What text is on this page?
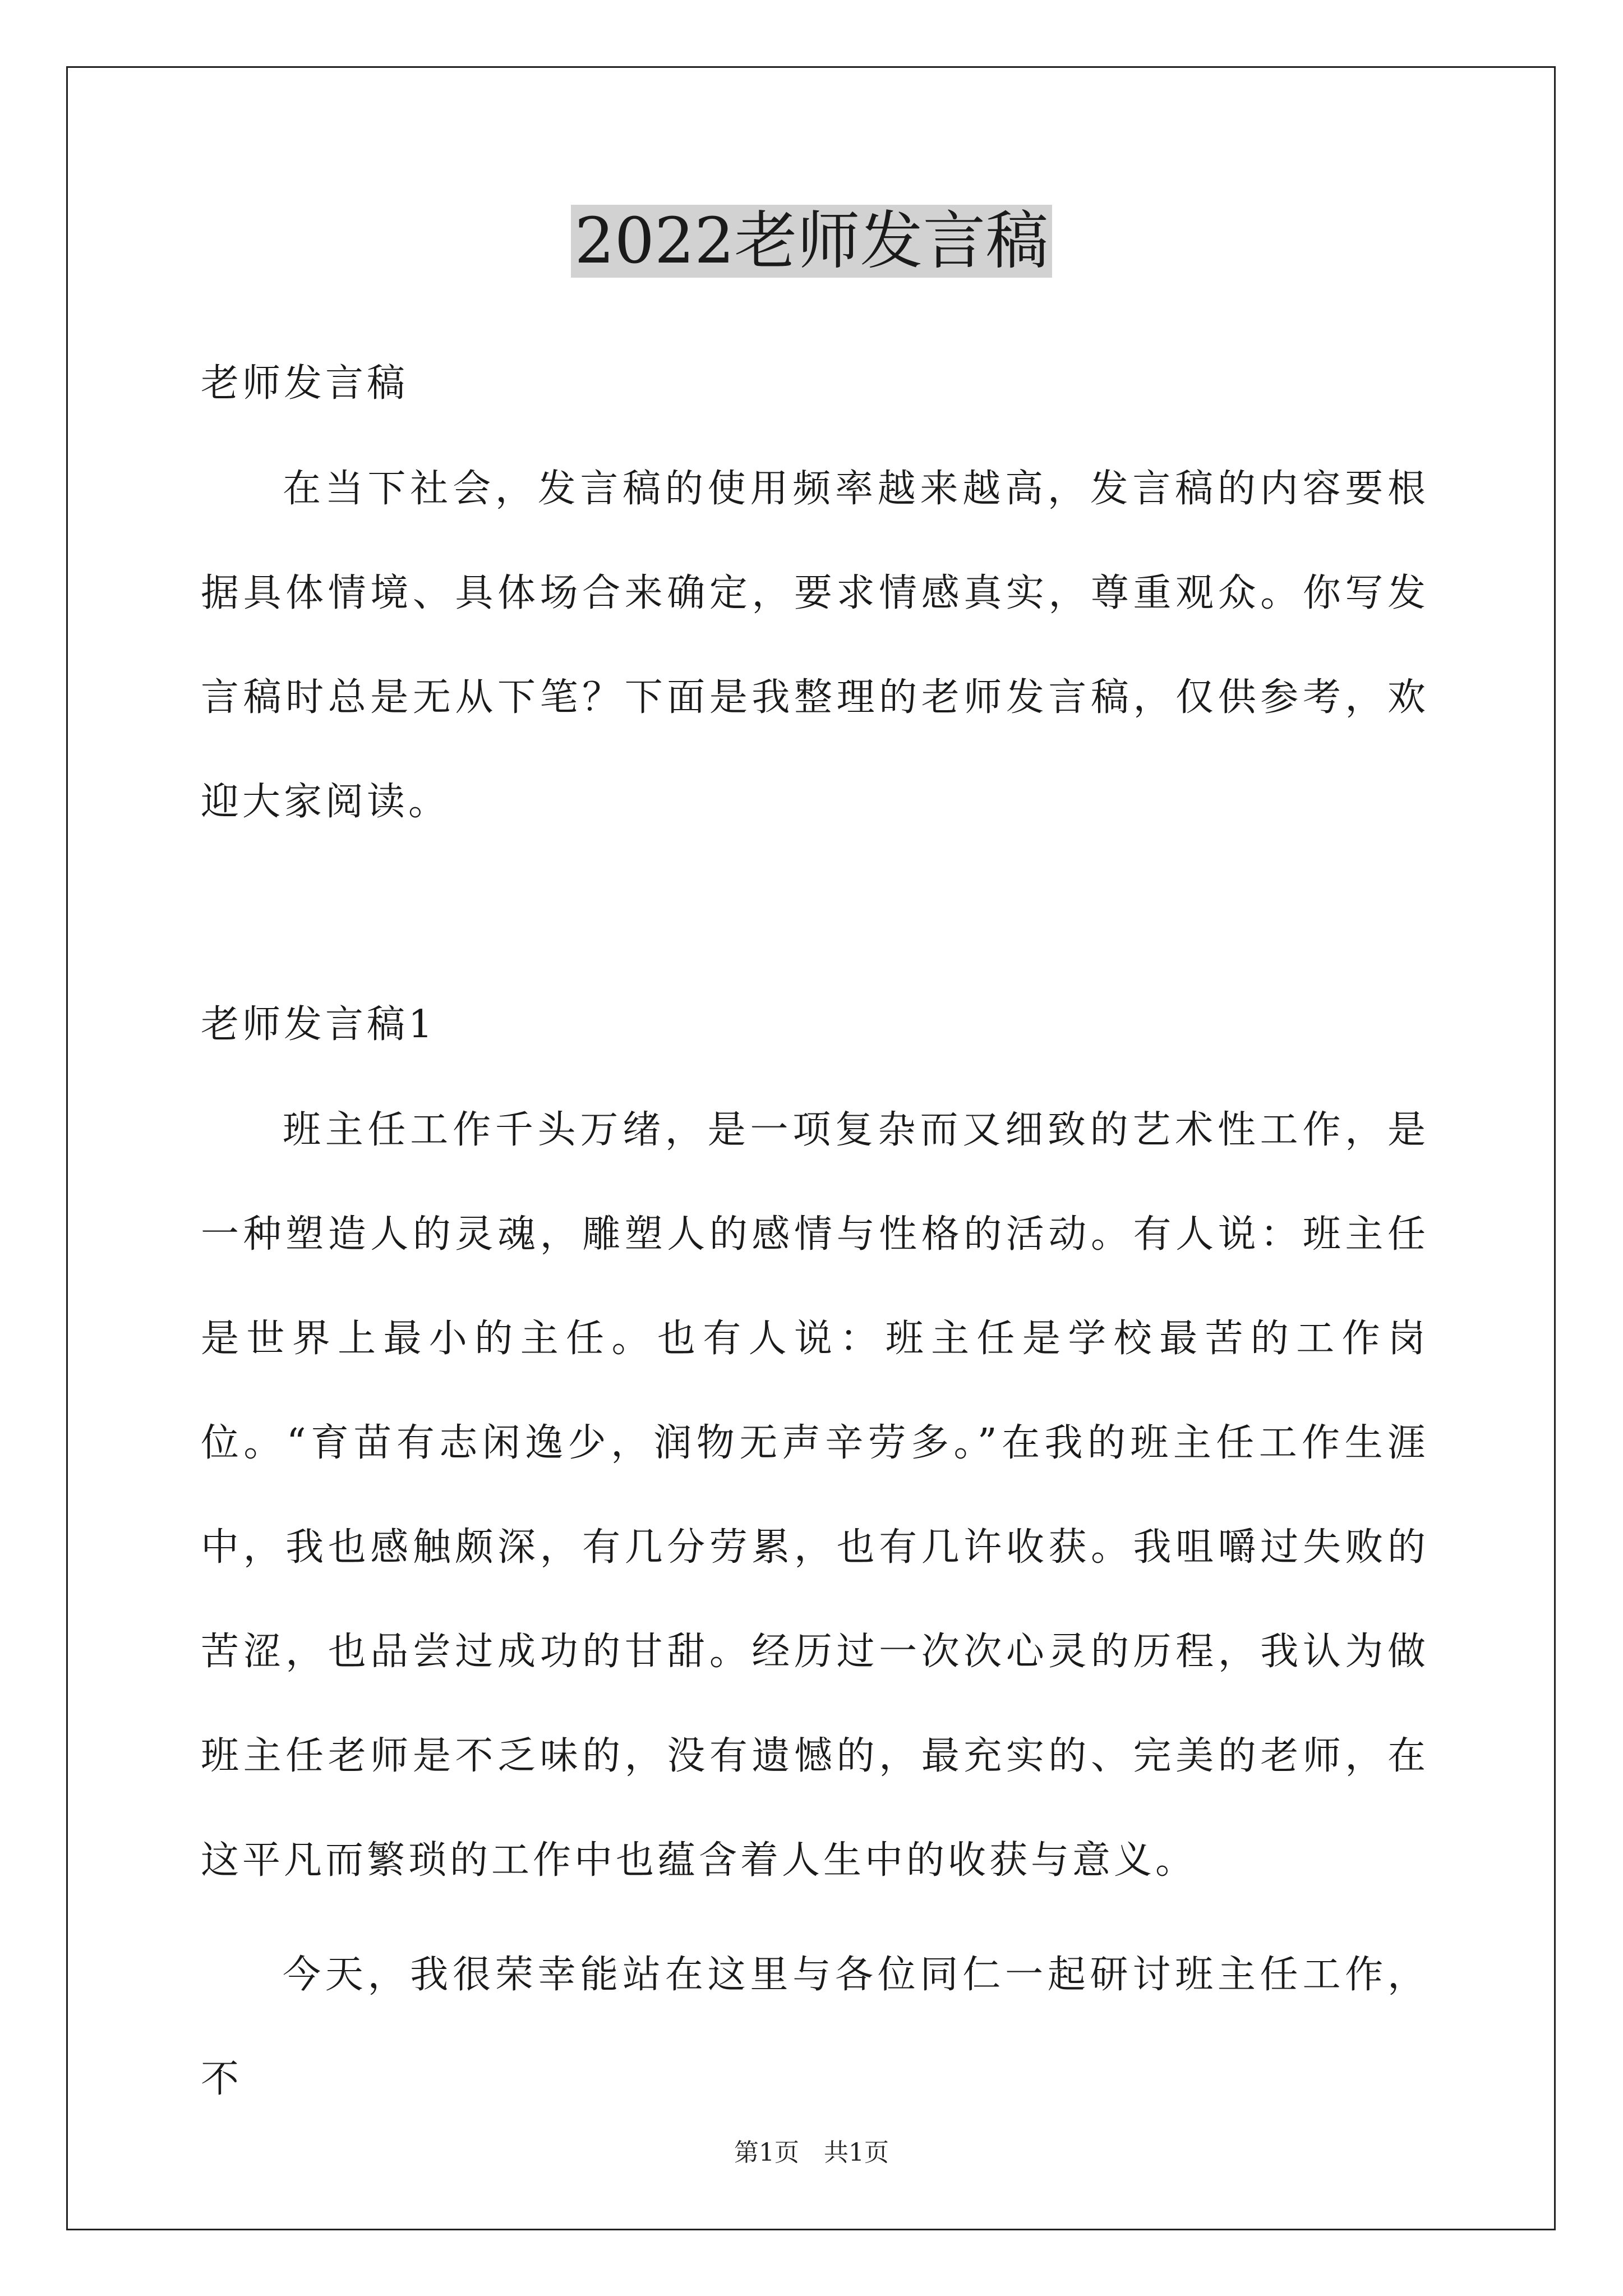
2022老师发言稿

老师发言稿

在当下社会，发言稿的使用频率越来越高，发言稿的内容要根据具体情境、具体场合来确定，要求情感真实，尊重观众。你写发言稿时总是无从下笔？下面是我整理的老师发言稿，仅供参考，欢迎大家阅读。

老师发言稿1

班主任工作千头万绪，是一项复杂而又细致的艺术性工作，是一种塑造人的灵魂，雕塑人的感情与性格的活动。有人说：班主任是世界上最小的主任。也有人说：班主任是学校最苦的工作岗位。“育苗有志闲逸少，润物无声辛劳多。”在我的班主任工作生涯中，我也感触颇深，有几分劳累，也有几许收获。我咀嚼过失败的苦涩，也品尝过成功的甘甜。经历过一次次心灵的历程，我认为做班主任老师是不乏味的，没有遗憾的，最充实的、完美的老师，在这平凡而繁琐的工作中也蕴含着人生中的收获与意义。

今天，我很荣幸能站在这里与各位同仁一起研讨班主任工作，不

第1页 共1页
